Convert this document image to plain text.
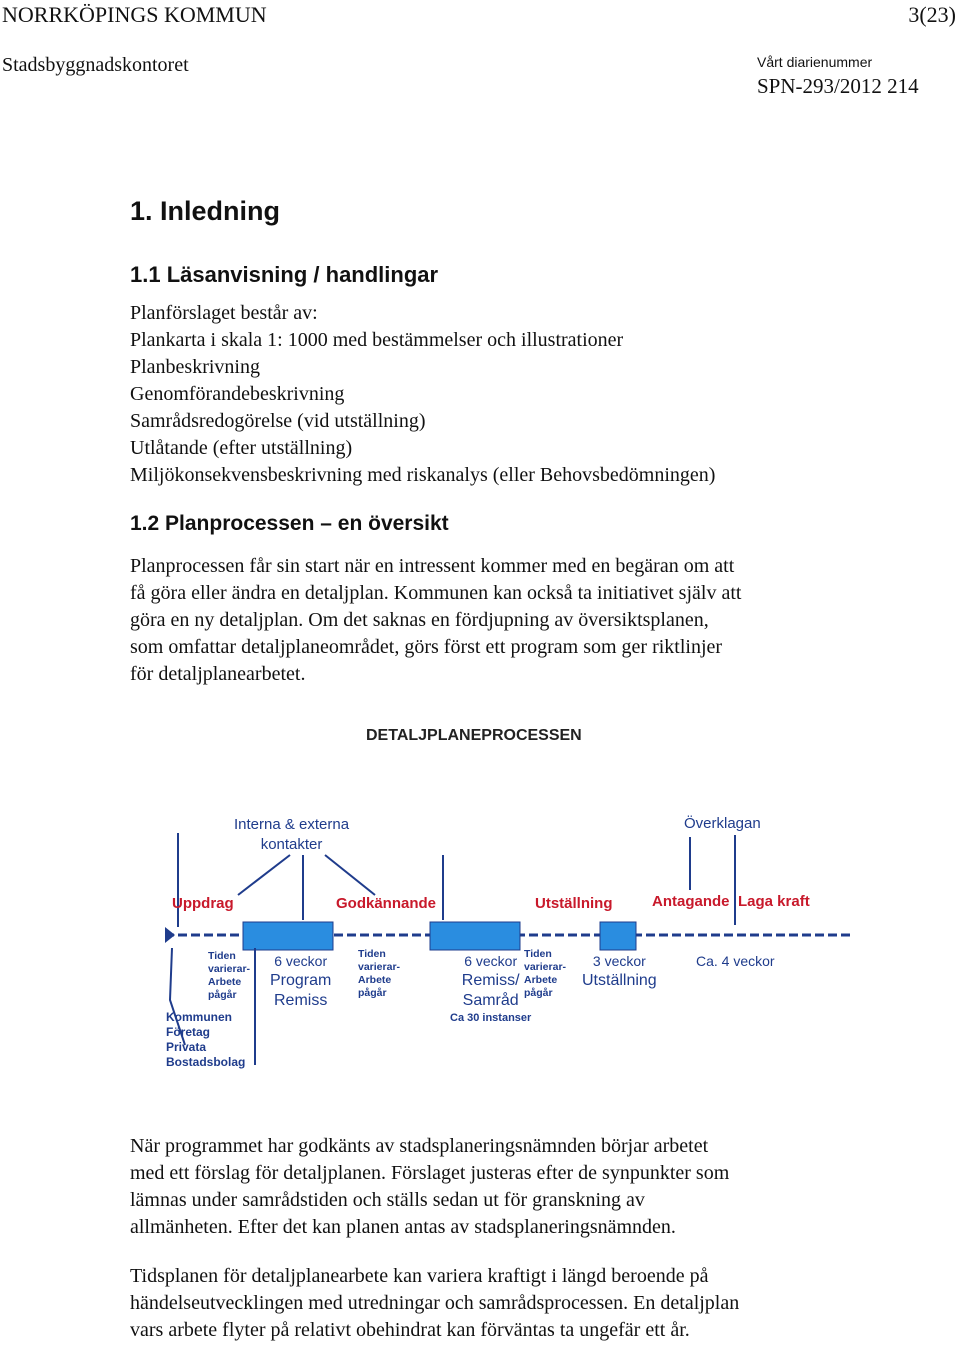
NORRKÖPINGS KOMMUN	3(23)
Stadsbyggnadskontoret	Vårt diarienummer
SPN-293/2012 214
1. Inledning
1.1 Läsanvisning / handlingar
Planförslaget består av:
Plankarta i skala 1: 1000 med bestämmelser och illustrationer
Planbeskrivning
Genomförandebeskrivning
Samrådsredogörelse (vid utställning)
Utlåtande (efter utställning)
Miljökonsekvensbeskrivning med riskanalys (eller Behovsbedömningen)
1.2 Planprocessen – en översikt
Planprocessen får sin start när en intressent kommer med en begäran om att
få göra eller ändra en detaljplan. Kommunen kan också ta initiativet själv att
göra en ny detaljplan. Om det saknas en fördjupning av översiktsplanen,
som omfattar detaljplaneområdet, görs först ett program som ger riktlinjer
för detaljplanearbetet.
DETALJPLANEPROCESSEN
Interna & externa
kontakter
Överklagan
Uppdrag	Godkännande	Utställning	Antagande Laga kraft
Tiden
varierar-
Arbete
pågår
Tiden
varierar-
Arbete
pågår
Tiden
varierar-
Arbete
pågår
6 veckor
Program
Remiss
6 veckor
Remiss/
Samråd
Ca 30 instanser
3 veckor
Utställning
Ca. 4 veckor
Kommunen
Företag
Privata
Bostadsbolag
När programmet har godkänts av stadsplaneringsnämnden börjar arbetet
med ett förslag för detaljplanen. Förslaget justeras efter de synpunkter som
lämnas under samrådstiden och ställs sedan ut för granskning av
allmänheten. Efter det kan planen antas av stadsplaneringsnämnden.
Tidsplanen för detaljplanearbete kan variera kraftigt i längd beroende på
händelseutvecklingen med utredningar och samrådsprocessen. En detaljplan
vars arbete flyter på relativt obehindrat kan förväntas ta ungefär ett år.
